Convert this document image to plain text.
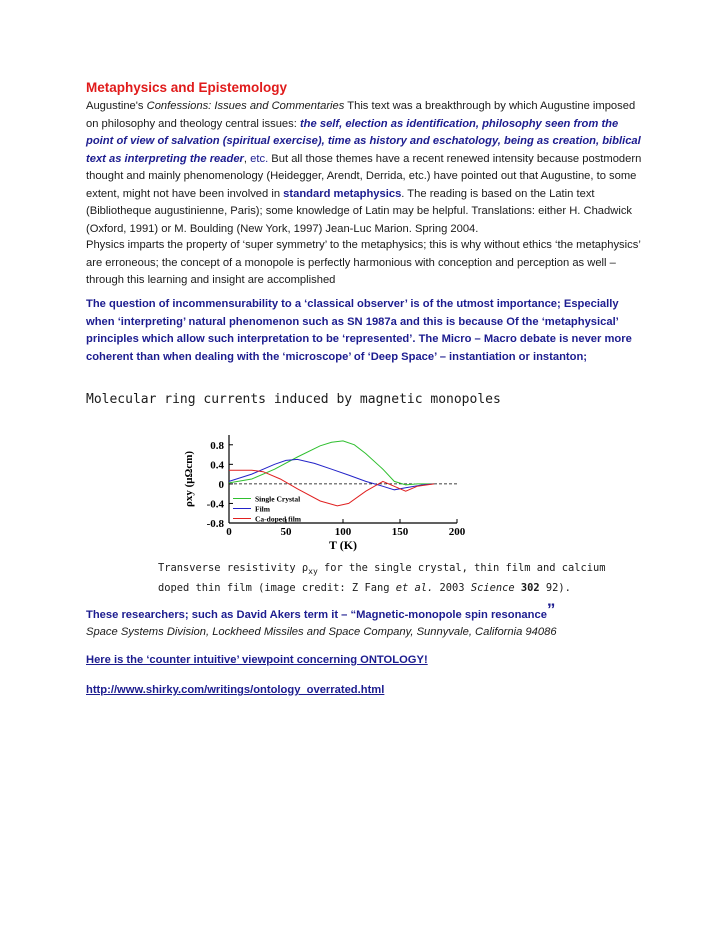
Metaphysics and Epistemology
Augustine's Confessions: Issues and Commentaries This text was a breakthrough by which Augustine imposed on philosophy and theology central issues: the self, election as identification, philosophy seen from the point of view of salvation (spiritual exercise), time as history and eschatology, being as creation, biblical text as interpreting the reader, etc. But all those themes have a recent renewed intensity because postmodern thought and mainly phenomenology (Heidegger, Arendt, Derrida, etc.) have pointed out that Augustine, to some extent, might not have been involved in standard metaphysics. The reading is based on the Latin text (Bibliotheque augustinienne, Paris); some knowledge of Latin may be helpful. Translations: either H. Chadwick (Oxford, 1991) or M. Boulding (New York, 1997) Jean-Luc Marion. Spring 2004.
Physics imparts the property of ‘super symmetry’ to the metaphysics; this is why without ethics ‘the metaphysics’ are erroneous; the concept of a monopole is perfectly harmonious with conception and perception as well – through this learning and insight are accomplished
The question of incommensurability to a ‘classical observer’ is of the utmost importance; Especially when ‘interpreting’ natural phenomenon such as SN 1987a and this is because Of the ‘metaphysical’ principles which allow such interpretation to be ‘represented’. The Micro – Macro debate is never more coherent than when dealing with the ‘microscope’ of ‘Deep Space’ – instantiation or instanton;
Molecular ring currents induced by magnetic monopoles
0.8
0.4
0
-0.4
-0.8
0	50	100	150	200
T (K)
ρxy (μΩcm)	Single Crystal
Film
Ca-doped film
Transverse resistivity $\rho_{xy}$ for the single crystal, thin film and calcium doped thin film (image credit: Z Fang et al. 2003 Science 302 92).
These researchers; such as David Akers term it – “Magnetic-monopole spin resonance”
Space Systems Division, Lockheed Missiles and Space Company, Sunnyvale, California 94086
Here is the ‘counter intuitive’ viewpoint concerning ONTOLOGY!
http://www.shirky.com/writings/ontology_overrated.html
